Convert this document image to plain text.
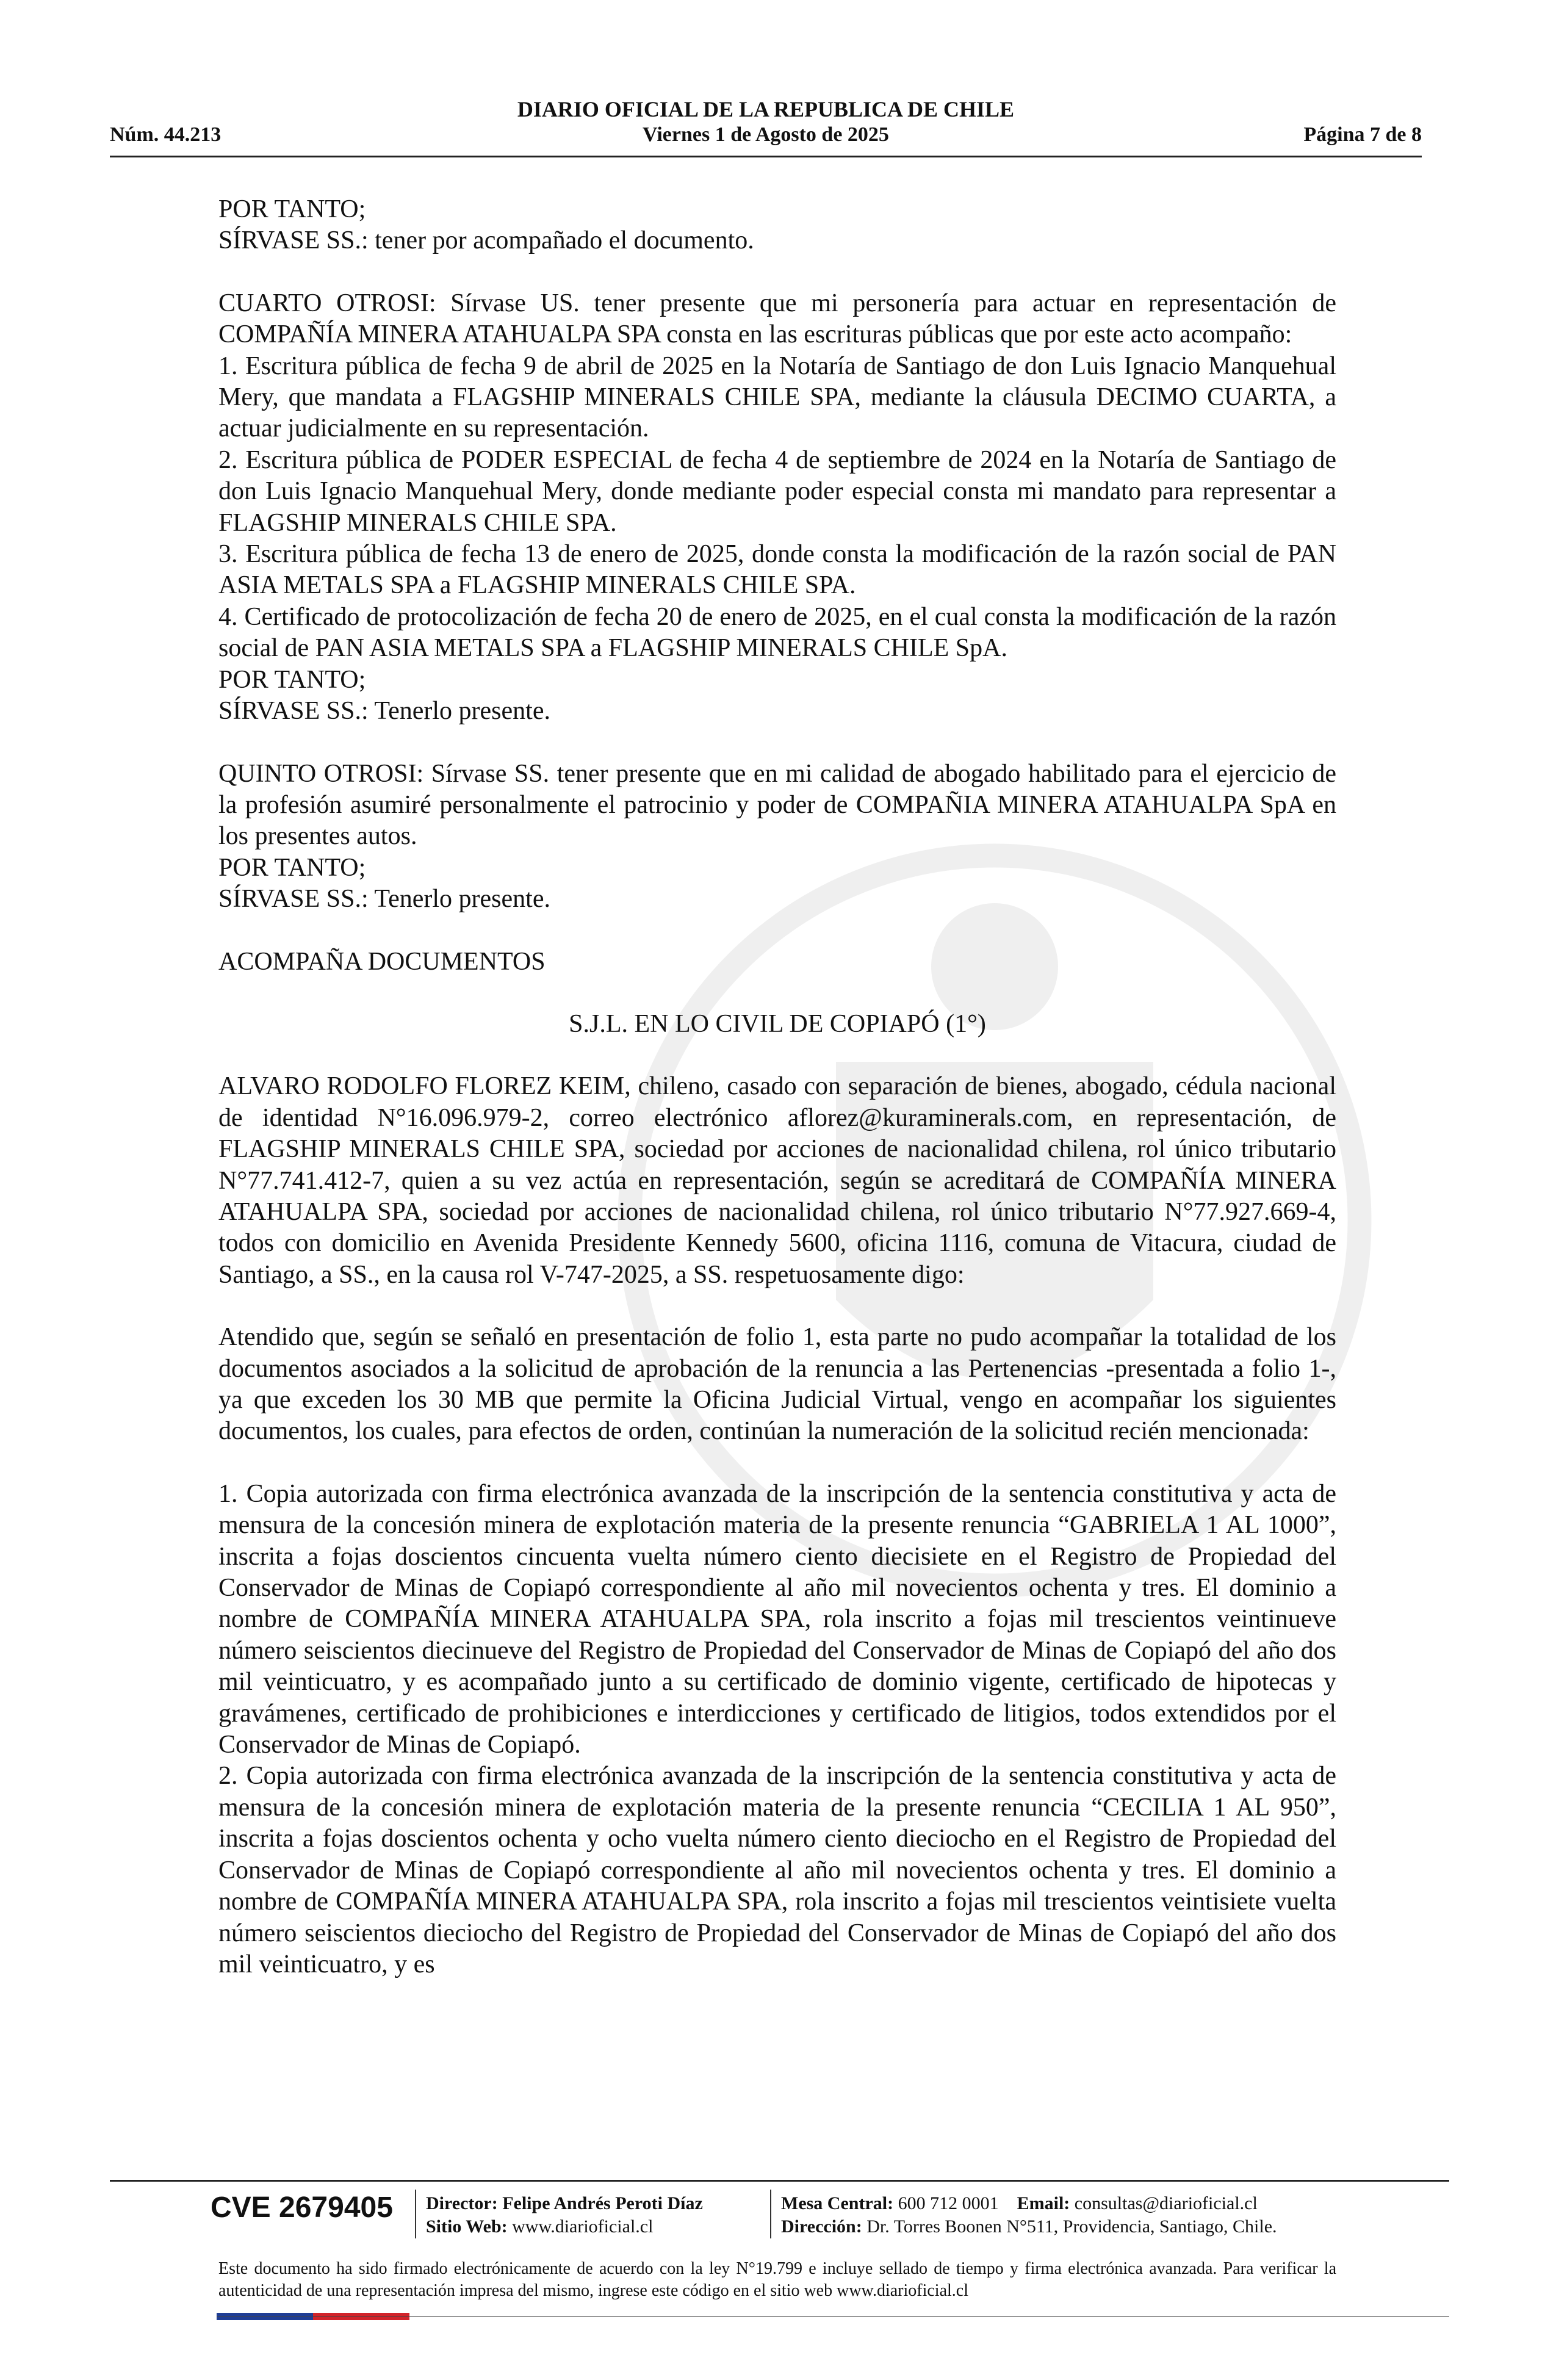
DIARIO OFICIAL DE LA REPUBLICA DE CHILE
Núm. 44.213	Viernes 1 de Agosto de 2025	Página 7 de 8

POR TANTO;

SÍRVASE SS.: tener por acompañado el documento.

CUARTO OTROSI: Sírvase US. tener presente que mi personería para actuar en representación de COMPAÑÍA MINERA ATAHUALPA SPA consta en las escrituras públicas que por este acto acompaño:

1. Escritura pública de fecha 9 de abril de 2025 en la Notaría de Santiago de don Luis Ignacio Manquehual Mery, que mandata a FLAGSHIP MINERALS CHILE SPA, mediante la cláusula DECIMO CUARTA, a actuar judicialmente en su representación.

2. Escritura pública de PODER ESPECIAL de fecha 4 de septiembre de 2024 en la Notaría de Santiago de don Luis Ignacio Manquehual Mery, donde mediante poder especial consta mi mandato para representar a FLAGSHIP MINERALS CHILE SPA.

3. Escritura pública de fecha 13 de enero de 2025, donde consta la modificación de la razón social de PAN ASIA METALS SPA a FLAGSHIP MINERALS CHILE SPA.

4. Certificado de protocolización de fecha 20 de enero de 2025, en el cual consta la modificación de la razón social de PAN ASIA METALS SPA a FLAGSHIP MINERALS CHILE SpA.

POR TANTO;

SÍRVASE SS.: Tenerlo presente.

QUINTO OTROSI: Sírvase SS. tener presente que en mi calidad de abogado habilitado para el ejercicio de la profesión asumiré personalmente el patrocinio y poder de COMPAÑIA MINERA ATAHUALPA SpA en los presentes autos.

POR TANTO;

SÍRVASE SS.: Tenerlo presente.

ACOMPAÑA DOCUMENTOS

S.J.L. EN LO CIVIL DE COPIAPÓ (1°)

ALVARO RODOLFO FLOREZ KEIM, chileno, casado con separación de bienes, abogado, cédula nacional de identidad N°16.096.979-2, correo electrónico aflorez@kuraminerals.com, en representación, de FLAGSHIP MINERALS CHILE SPA, sociedad por acciones de nacionalidad chilena, rol único tributario N°77.741.412-7, quien a su vez actúa en representación, según se acreditará de COMPAÑÍA MINERA ATAHUALPA SPA, sociedad por acciones de nacionalidad chilena, rol único tributario N°77.927.669-4, todos con domicilio en Avenida Presidente Kennedy 5600, oficina 1116, comuna de Vitacura, ciudad de Santiago, a SS., en la causa rol V-747-2025, a SS. respetuosamente digo:

Atendido que, según se señaló en presentación de folio 1, esta parte no pudo acompañar la totalidad de los documentos asociados a la solicitud de aprobación de la renuncia a las Pertenencias -presentada a folio 1-, ya que exceden los 30 MB que permite la Oficina Judicial Virtual, vengo en acompañar los siguientes documentos, los cuales, para efectos de orden, continúan la numeración de la solicitud recién mencionada:

1. Copia autorizada con firma electrónica avanzada de la inscripción de la sentencia constitutiva y acta de mensura de la concesión minera de explotación materia de la presente renuncia “GABRIELA 1 AL 1000”, inscrita a fojas doscientos cincuenta vuelta número ciento diecisiete en el Registro de Propiedad del Conservador de Minas de Copiapó correspondiente al año mil novecientos ochenta y tres. El dominio a nombre de COMPAÑÍA MINERA ATAHUALPA SPA, rola inscrito a fojas mil trescientos veintinueve número seiscientos diecinueve del Registro de Propiedad del Conservador de Minas de Copiapó del año dos mil veinticuatro, y es acompañado junto a su certificado de dominio vigente, certificado de hipotecas y gravámenes, certificado de prohibiciones e interdicciones y certificado de litigios, todos extendidos por el Conservador de Minas de Copiapó.

2. Copia autorizada con firma electrónica avanzada de la inscripción de la sentencia constitutiva y acta de mensura de la concesión minera de explotación materia de la presente renuncia “CECILIA 1 AL 950”, inscrita a fojas doscientos ochenta y ocho vuelta número ciento dieciocho en el Registro de Propiedad del Conservador de Minas de Copiapó correspondiente al año mil novecientos ochenta y tres. El dominio a nombre de COMPAÑÍA MINERA ATAHUALPA SPA, rola inscrito a fojas mil trescientos veintisiete vuelta número seiscientos dieciocho del Registro de Propiedad del Conservador de Minas de Copiapó del año dos mil veinticuatro, y es

CVE 2679405 Director: Felipe Andrés Peroti Díaz
Sitio Web: www.diarioficial.cl
Mesa Central: 600 712 0001 Email: consultas@diarioficial.cl
Dirección: Dr. Torres Boonen N°511, Providencia, Santiago, Chile.
Este documento ha sido firmado electrónicamente de acuerdo con la ley N°19.799 e incluye sellado de tiempo y firma electrónica avanzada. Para verificar la autenticidad de una representación impresa del mismo, ingrese este código en el sitio web www.diarioficial.cl
